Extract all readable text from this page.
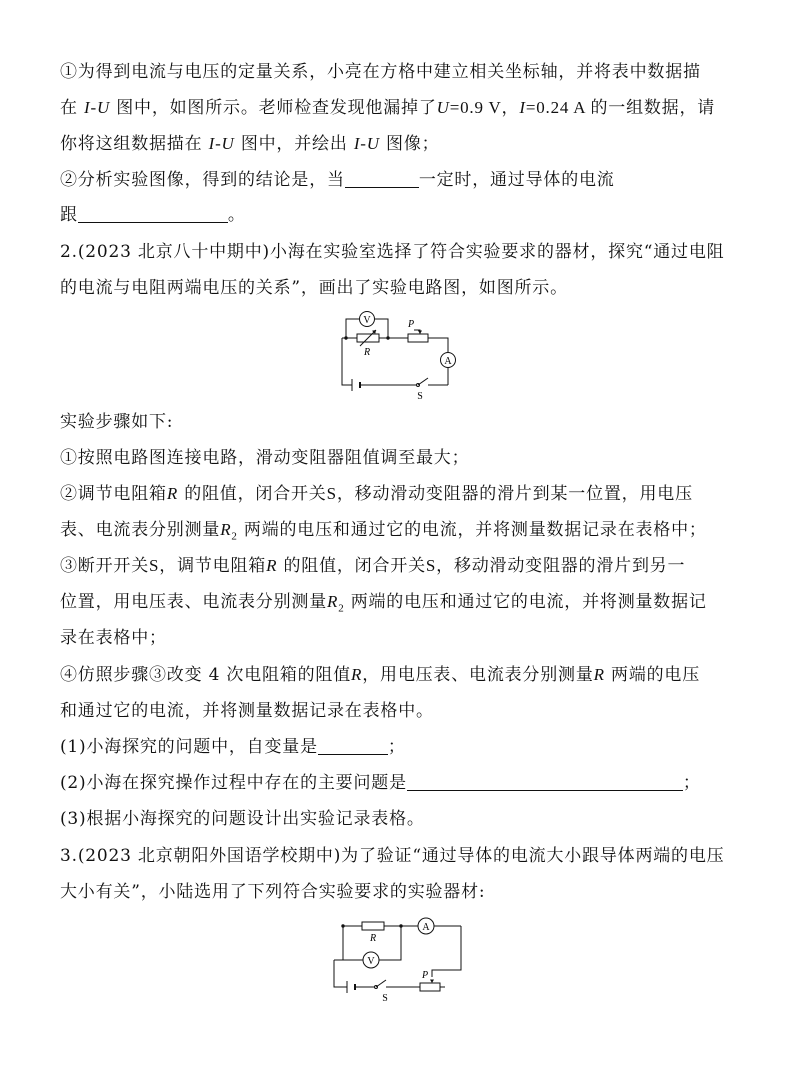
①为得到电流与电压的定量关系，小亮在方格中建立相关坐标轴，并将表中数据描
在 I-U 图中，如图所示。老师检查发现他漏掉了U=0.9 V，I=0.24 A 的一组数据，请
你将这组数据描在 I-U 图中，并绘出 I-U 图像；
②分析实验图像，得到的结论是，当	一定时，通过导体的电流
跟	。
2.(2023 北京八十中期中)小海在实验室选择了符合实验要求的器材，探究“通过电阻
的电流与电阻两端电压的关系”，画出了实验电路图，如图所示。
V
R
P
A
S
实验步骤如下:
①按照电路图连接电路，滑动变阻器阻值调至最大；
②调节电阻箱R 的阻值，闭合开关S，移动滑动变阻器的滑片到某一位置，用电压
表、电流表分别测量$R_2$ 两端的电压和通过它的电流，并将测量数据记录在表格中；
③断开开关S，调节电阻箱R 的阻值，闭合开关S，移动滑动变阻器的滑片到另一
位置，用电压表、电流表分别测量$R_2$ 两端的电压和通过它的电流，并将测量数据记
录在表格中；
④仿照步骤③改变 4 次电阻箱的阻值R，用电压表、电流表分别测量R 两端的电压
和通过它的电流，并将测量数据记录在表格中。
(1)小海探究的问题中，自变量是	；
(2)小海在探究操作过程中存在的主要问题是	；
(3)根据小海探究的问题设计出实验记录表格。
3.(2023 北京朝阳外国语学校期中)为了验证“通过导体的电流大小跟导体两端的电压
大小有关”，小陆选用了下列符合实验要求的实验器材:
R
A
V
S
P
